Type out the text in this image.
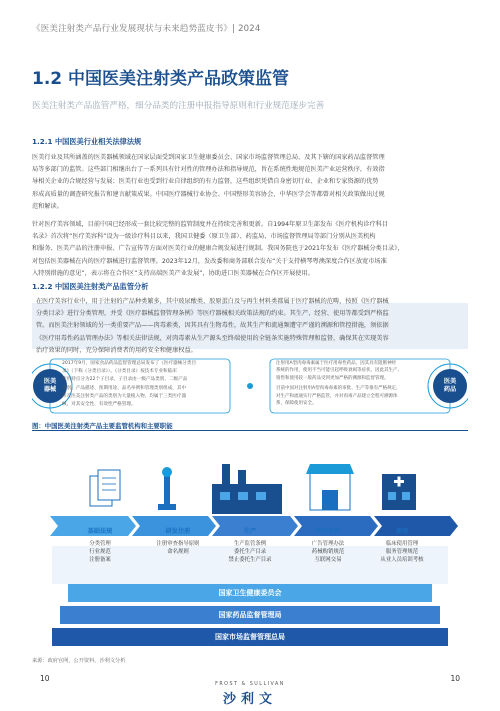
《医美注射类产品行业发展现状与未来趋势蓝皮书》| 2024
1.2 中国医美注射类产品政策监管
医美注射类产品监管严格，细分品类的注册申报指导原则和行业规范逐步完善
1.2.1 中国医美行业相关法律法规
医美行业及其所涵盖的医美器械领域在国家层面受到国家卫生健康委员会、国家市场监督管理总局、及其下辖的国家药品监督管理
局等多部门的监管。这些部门相继出台了一系列具有针对性的管理办法和指导规范，旨在系统性地规范医美产业运营秩序，有效指
导相关企业的合规经营与发展；医美行业也受到行业自律组织的有力监督，这些组织凭借自身密切行业、企业和专家资源的优势
形成高质量的调查研究报告和建言献策成果。中国医疗器械行业协会、中国整形美容协会、中华医学会等都曾对相关政策做出过规
范和解读。
针对医疗美容领域，目前中国已经形成一套比较完整的监管制度并在持续完善和更新。自1994年原卫生部发布《医疗机构诊疗科目
名录》首次将“医疗美容科”设为一级诊疗科目以来，我国卫健委（原卫生部）、药监局、市场监督管理局等部门分别从医美机构
和服务、医美产品的注册申报、广告宣传等方面对医美行业的健康合规发展进行规制。我国务院也于2021年发布《医疗器械分类目录》，
对包括医美器械在内的医疗器械进行监督管理。2023年12月，发改委和商务部联合发布“关于支持横琴粤澳深度合作区放宽市场准
入特别措施的意见”，表示将在合作区“支持高端医美产业发展”，协助进口医美器械在合作区开展使用。
1.2.2 中国医美注射类产品监管分析
在医疗美容行业中，用于注射的产品种类繁多，其中玻尿酸类、胶原蛋白及与再生材料类都属于医疗器械的范畴，按照《医疗器械
分类目录》进行分类管理，并受《医疗器械监督管理条例》等医疗器械相关政策法规的约束。其生产、经营、使用等都受到严格监
管。而医美注射领域的另一类重要产品——肉毒素类，因其具有生物毒性，故其生产和流通频遭守严谨的溯源和管控措施，须依据
《医疗用毒性药品管理办法》等相关法律法规，对肉毒素从生产源头至终端使用的全链条实施特殊管理和监督，确保其在实现美容
治疗效果的同时，充分保障消费者的用药安全和健康权益。
医美
器械
医美
药品
2017年9月，国家食品药品监督管理总局发布了《医疗器械分类目
录》（下称《分类目录》）。《分类目录》按技术专业和临床
使用特点分为22个子目录，子目录由一级产品类别、二级产品
类别、产品描述、预期用途、品名举例和管理类别组成，其中
涉及医美注射类产品的类别为大量植入物，均属于三类医疗器
械，对其安全性、有效性严格管理。
注射用A型肉毒毒素属于医疗用毒性药品，因其具有阻断神经
系统的作用，使用不当可能引起呼吸衰竭等症状，因此其生产、
销售和使用较一般药品受到更加严格的溯源和监督管理。
目前中国对注射用A型肉毒毒素的审批、生产等推有严格规定，
对生产和流通实行严格监管，并对肉毒产品建立全程可溯源体
系，保障使用安全。
图：中国医美注射类产品主要监管机构和主要职能
基础法规
分类管理
行业规范
注册备案
研发注册
注册审查指导原则
命名规则
生产
生产监管条例
委托生产目录
禁止委托生产目录
销售宣传
广告管理办法
药械购销规范
互联网交易
使用
临床使用管理
服务管理规范
从业人员培训考核
国家卫生健康委员会
国家药品监督管理局
国家市场监督管理总局
来源：政府官网，公开资料，沙利文分析
10	10
FROST & SULLIVAN
沙利文
